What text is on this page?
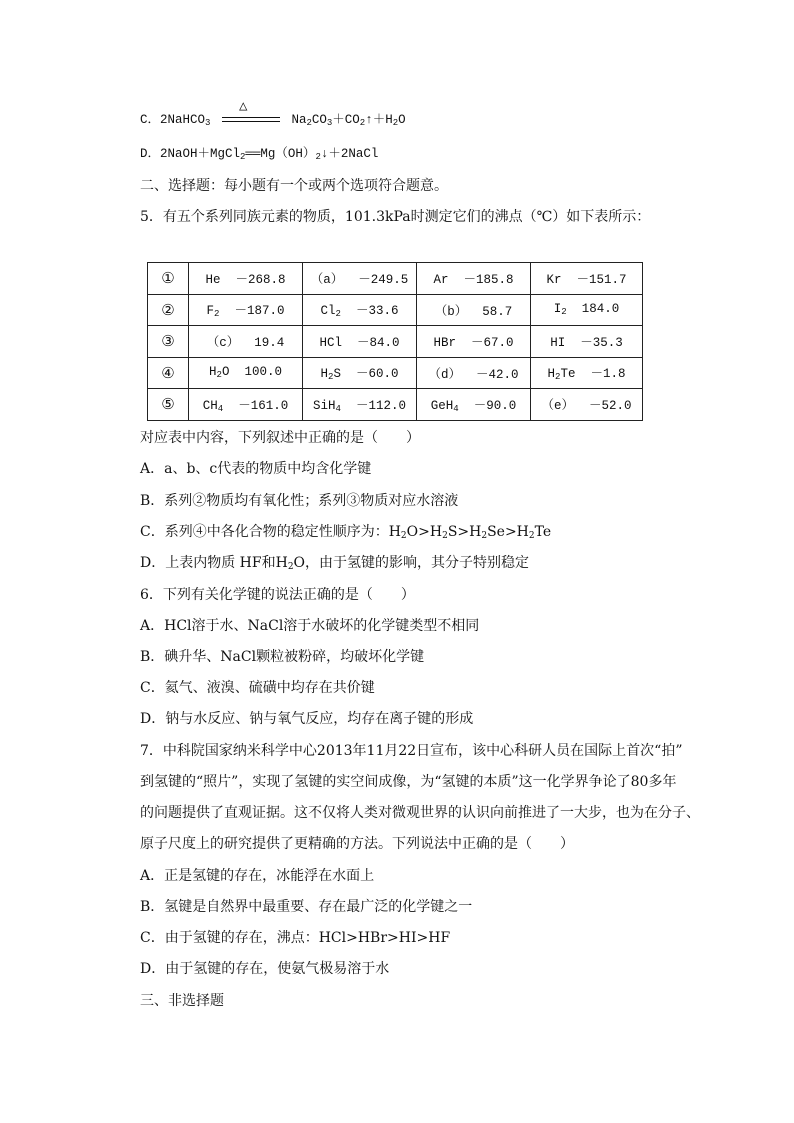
C．2NaHCO$_3$
△
$Na_2CO_3+CO_2↑+H_2O$
D．$2NaOH+MgCl_2══Mg(OH)_2↓+2NaCl$
二、选择题：每小题有一个或两个选项符合题意。
5．有五个系列同族元素的物质，101.3kPa时测定它们的沸点（℃）如下表所示：
①	He －268.8	（a） －249.5	Ar －185.8	Kr －151.7
②	$F_2 -187.0$	$Cl_2 -33.6$	（b） 58.7	$I_2$ 184.0
③	（c） 19.4	HCl －84.0	HBr －67.0	HI －35.3
④	$H_2O$ 100.0	$H_2S -60.0$	（d） －42.0	$H_2Te -1.8$
⑤	$CH_4 -161.0$	SiH$_4$ －112.0	GeH$_4$ －90.0	（e） －52.0
对应表中内容，下列叙述中正确的是（　　）
A．a、b、c代表的物质中均含化学键
B．系列②物质均有氧化性；系列③物质对应水溶液
C．系列④中各化合物的稳定性顺序为：$H_2O>H_2S>H_2Se>H_2Te$
D．上表内物质 HF和$H_2O$，由于氢键的影响，其分子特别稳定
6．下列有关化学键的说法正确的是（　　）
A．HCl溶于水、NaCl溶于水破坏的化学键类型不相同
B．碘升华、NaCl颗粒被粉碎，均破坏化学键
C．氦气、液溴、硫磺中均存在共价键
D．钠与水反应、钠与氧气反应，均存在离子键的形成
7．中科院国家纳米科学中心2013年11月22日宣布，该中心科研人员在国际上首次“拍”
到氢键的“照片”，实现了氢键的实空间成像，为“氢键的本质”这一化学界争论了80多年
的问题提供了直观证据。这不仅将人类对微观世界的认识向前推进了一大步，也为在分子、
原子尺度上的研究提供了更精确的方法。下列说法中正确的是（　　）
A．正是氢键的存在，冰能浮在水面上
B．氢键是自然界中最重要、存在最广泛的化学键之一
C．由于氢键的存在，沸点：HCl>HBr>HI>HF
D．由于氢键的存在，使氨气极易溶于水
三、非选择题
